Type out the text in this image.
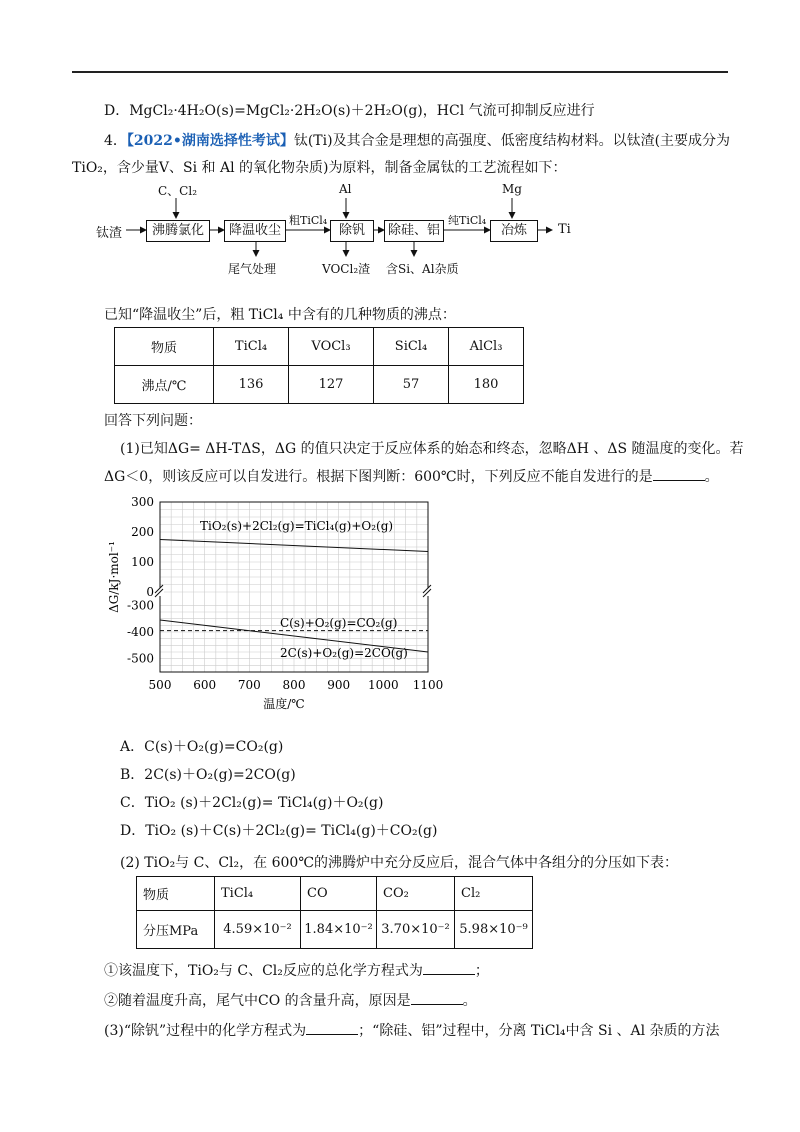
D．MgCl₂·4H₂O(s)=MgCl₂·2H₂O(s)＋2H₂O(g)，HCl 气流可抑制反应进行
4．【2022•湖南选择性考试】钛(Ti)及其合金是理想的高强度、低密度结构材料。以钛渣(主要成分为
TiO₂，含少量V、Si 和 Al 的氧化物杂质)为原料，制备金属钛的工艺流程如下：
钛渣	沸腾氯化	降温收尘	除钒	除硅、铝	冶炼	Ti
C、Cl₂	Al	Mg
粗TiCl₄	纯TiCl₄
尾气处理	VOCl₂渣 含Si、Al杂质
已知“降温收尘”后，粗 TiCl₄ 中含有的几种物质的沸点：
物质	TiCl₄	VOCl₃	SiCl₄	AlCl₃
沸点/℃	136	127	57	180
回答下列问题：
(1)已知ΔG= ΔH-TΔS，ΔG 的值只决定于反应体系的始态和终态，忽略ΔH 、ΔS 随温度的变化。若
ΔG＜0，则该反应可以自发进行。根据下图判断：600℃时，下列反应不能自发进行的是	。
TiO₂(s)+2Cl₂(g)=TiCl₄(g)+O₂(g)
C(s)+O₂(g)=CO₂(g)
2C(s)+O₂(g)=2CO(g)
500 600 700 800 900 1000 1100
300
200
100
0
-300
-400
-500
温度/℃
ΔG/kJ·mol⁻¹
A．C(s)＋O₂(g)=CO₂(g)
B．2C(s)＋O₂(g)=2CO(g)
C．TiO₂ (s)＋2Cl₂(g)= TiCl₄(g)＋O₂(g)
D．TiO₂ (s)＋C(s)＋2Cl₂(g)= TiCl₄(g)＋CO₂(g)
(2) TiO₂与 C、Cl₂，在 600℃的沸腾炉中充分反应后，混合气体中各组分的分压如下表：
物质	TiCl₄	CO	CO₂	Cl₂
分压MPa	4.59×10⁻²	1.84×10⁻²	3.70×10⁻²	5.98×10⁻⁹
①该温度下，TiO₂与 C、Cl₂反应的总化学方程式为	；
②随着温度升高，尾气中CO 的含量升高，原因是	。
(3)“除钒”过程中的化学方程式为	；“除硅、铝”过程中，分离 TiCl₄中含 Si 、Al 杂质的方法
